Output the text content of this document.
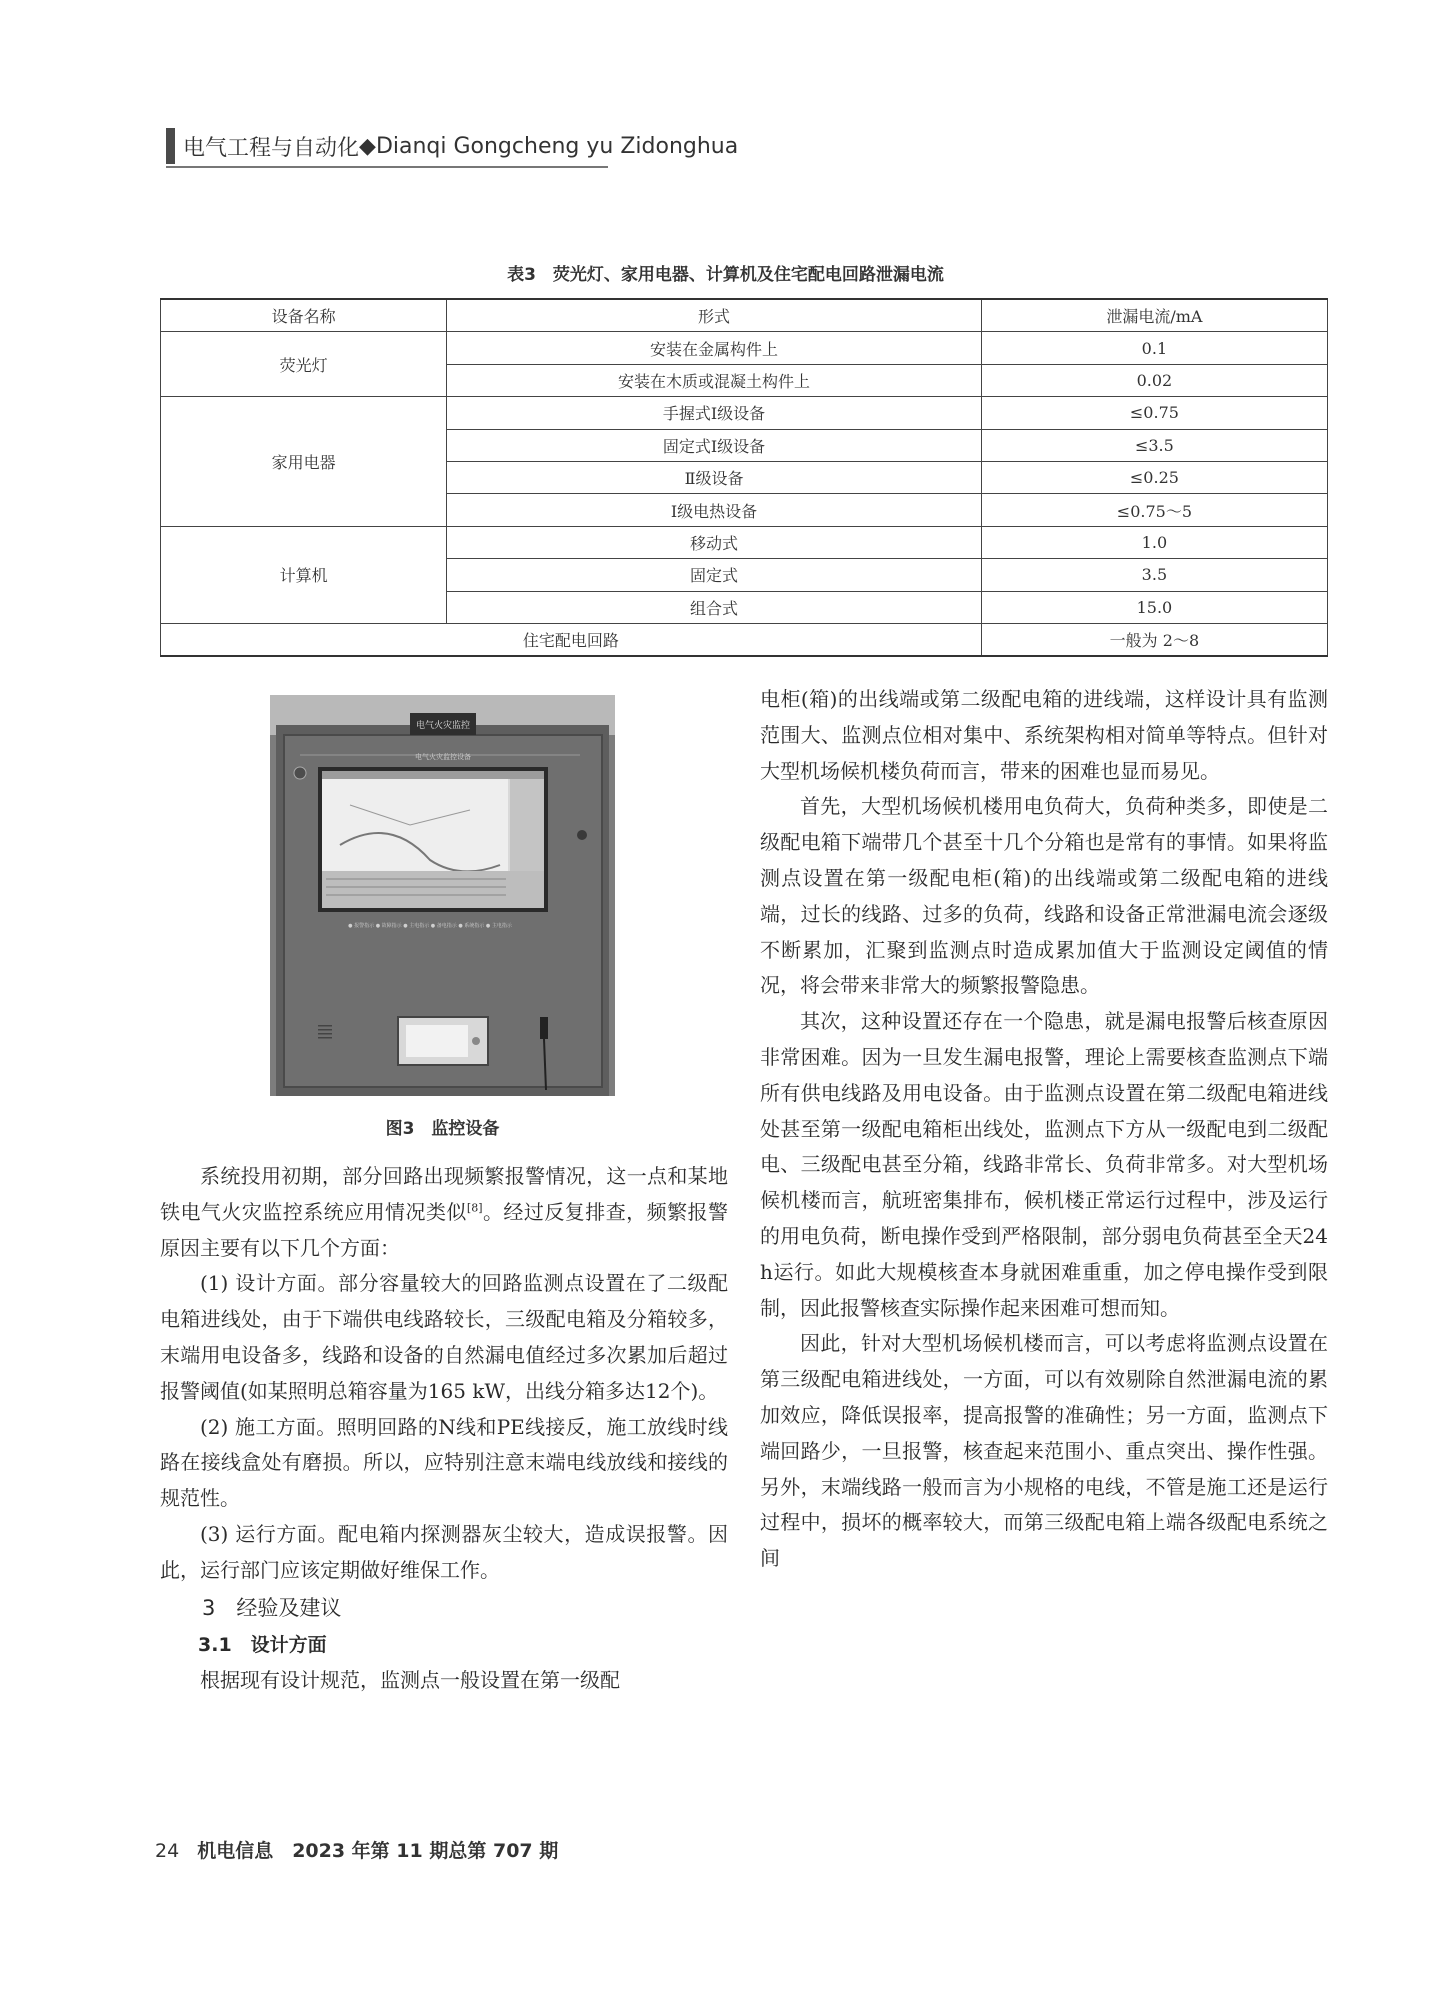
电气工程与自动化 ◆ Dianqi Gongcheng yu Zidonghua
表3　荧光灯、家用电器、计算机及住宅配电回路泄漏电流
设备名称	形式	泄漏电流/mA
荧光灯	安装在金属构件上	0.1
	安装在木质或混凝土构件上	0.02
家用电器	手握式Ⅰ级设备	≤0.75
	固定式Ⅰ级设备	≤3.5
	Ⅱ级设备	≤0.25
	Ⅰ级电热设备	≤0.75～5
计算机	移动式	1.0
	固定式	3.5
	组合式	15.0
住宅配电回路		一般为 2～8
电气火灾监控
电气火灾监控设备
● 报警指示 ● 故障指示 ● 主电指示 ● 备电指示 ● 系统指示 ● 主电指示
图3　监控设备

系统投用初期，部分回路出现频繁报警情况，这一点和某地铁电气火灾监控系统应用情况类似[8]。经过反复排查，频繁报警原因主要有以下几个方面：

(1) 设计方面。部分容量较大的回路监测点设置在了二级配电箱进线处，由于下端供电线路较长，三级配电箱及分箱较多，末端用电设备多，线路和设备的自然漏电值经过多次累加后超过报警阈值(如某照明总箱容量为165 kW，出线分箱多达12个)。

(2) 施工方面。照明回路的N线和PE线接反，施工放线时线路在接线盒处有磨损。所以，应特别注意末端电线放线和接线的规范性。

(3) 运行方面。配电箱内探测器灰尘较大，造成误报警。因此，运行部门应该定期做好维保工作。

3　经验及建议

3.1　设计方面

根据现有设计规范，监测点一般设置在第一级配

电柜(箱)的出线端或第二级配电箱的进线端，这样设计具有监测范围大、监测点位相对集中、系统架构相对简单等特点。但针对大型机场候机楼负荷而言，带来的困难也显而易见。

首先，大型机场候机楼用电负荷大，负荷种类多，即使是二级配电箱下端带几个甚至十几个分箱也是常有的事情。如果将监测点设置在第一级配电柜(箱)的出线端或第二级配电箱的进线端，过长的线路、过多的负荷，线路和设备正常泄漏电流会逐级不断累加，汇聚到监测点时造成累加值大于监测设定阈值的情况，将会带来非常大的频繁报警隐患。

其次，这种设置还存在一个隐患，就是漏电报警后核查原因非常困难。因为一旦发生漏电报警，理论上需要核查监测点下端所有供电线路及用电设备。由于监测点设置在第二级配电箱进线处甚至第一级配电箱柜出线处，监测点下方从一级配电到二级配电、三级配电甚至分箱，线路非常长、负荷非常多。对大型机场候机楼而言，航班密集排布，候机楼正常运行过程中，涉及运行的用电负荷，断电操作受到严格限制，部分弱电负荷甚至全天24 h运行。如此大规模核查本身就困难重重，加之停电操作受到限制，因此报警核查实际操作起来困难可想而知。

因此，针对大型机场候机楼而言，可以考虑将监测点设置在第三级配电箱进线处，一方面，可以有效剔除自然泄漏电流的累加效应，降低误报率，提高报警的准确性；另一方面，监测点下端回路少，一旦报警，核查起来范围小、重点突出、操作性强。另外，末端线路一般而言为小规格的电线，不管是施工还是运行过程中，损坏的概率较大，而第三级配电箱上端各级配电系统之间

24 机电信息　2023 年第 11 期总第 707 期
